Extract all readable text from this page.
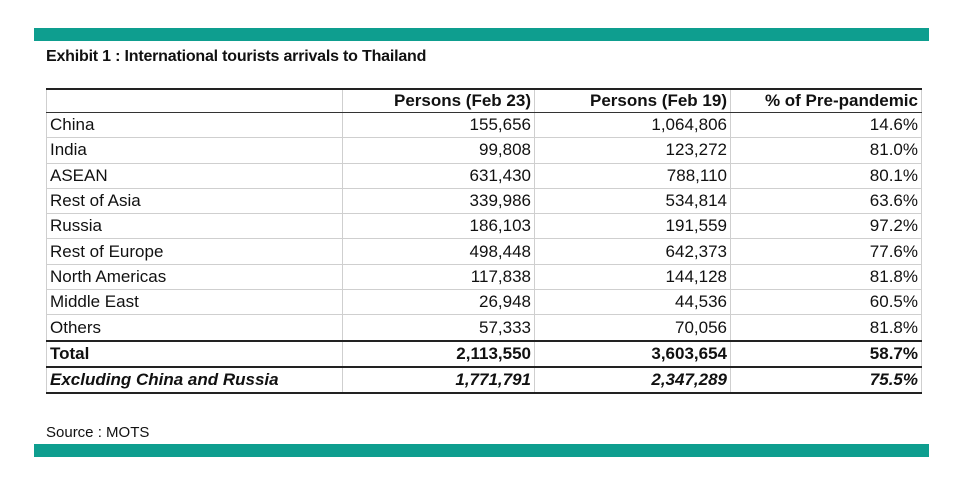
Exhibit 1 : International tourists arrivals to Thailand
	Persons (Feb 23)	Persons (Feb 19)	% of Pre-pandemic
China	155,656	1,064,806	14.6%
India	99,808	123,272	81.0%
ASEAN	631,430	788,110	80.1%
Rest of Asia	339,986	534,814	63.6%
Russia	186,103	191,559	97.2%
Rest of Europe	498,448	642,373	77.6%
North Americas	117,838	144,128	81.8%
Middle East	26,948	44,536	60.5%
Others	57,333	70,056	81.8%
Total	2,113,550	3,603,654	58.7%
Excluding China and Russia	1,771,791	2,347,289	75.5%
Source : MOTS
